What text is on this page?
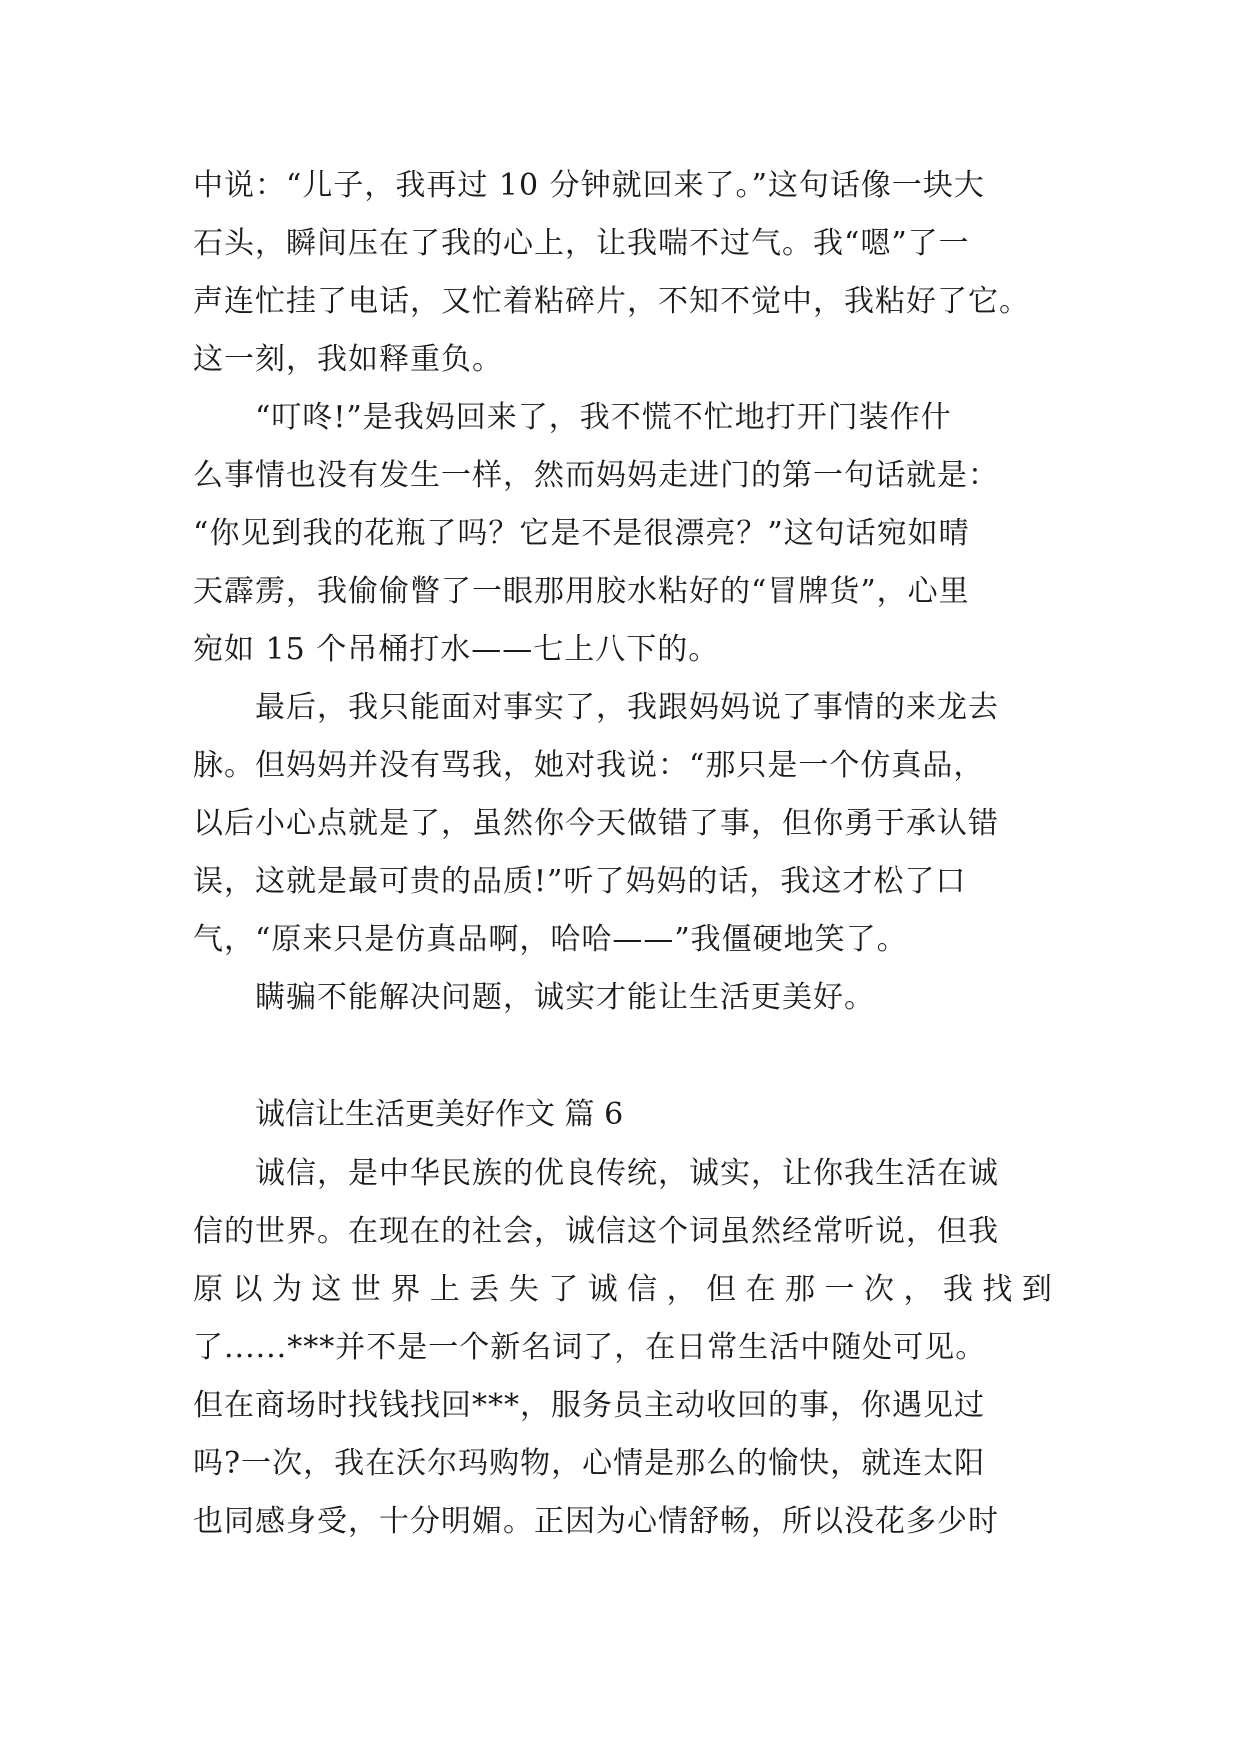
中说：“儿子，我再过 10 分钟就回来了。”这句话像一块大
石头，瞬间压在了我的心上，让我喘不过气。我“嗯”了一
声连忙挂了电话，又忙着粘碎片，不知不觉中，我粘好了它。
这一刻，我如释重负。
“叮咚!”是我妈回来了，我不慌不忙地打开门装作什
么事情也没有发生一样，然而妈妈走进门的第一句话就是：
“你见到我的花瓶了吗？它是不是很漂亮？”这句话宛如晴
天霹雳，我偷偷瞥了一眼那用胶水粘好的“冒牌货”，心里
宛如 15 个吊桶打水——七上八下的。
最后，我只能面对事实了，我跟妈妈说了事情的来龙去
脉。但妈妈并没有骂我，她对我说：“那只是一个仿真品，
以后小心点就是了，虽然你今天做错了事，但你勇于承认错
误，这就是最可贵的品质!”听了妈妈的话，我这才松了口
气，“原来只是仿真品啊，哈哈——”我僵硬地笑了。
瞒骗不能解决问题，诚实才能让生活更美好。
诚信让生活更美好作文 篇 6
诚信，是中华民族的优良传统，诚实，让你我生活在诚
信的世界。在现在的社会，诚信这个词虽然经常听说，但我
原 以 为 这 世 界 上 丢 失 了 诚 信 ， 但 在 那 一 次 ， 我 找 到
了......***并不是一个新名词了，在日常生活中随处可见。
但在商场时找钱找回***，服务员主动收回的事，你遇见过
吗?一次，我在沃尔玛购物，心情是那么的愉快，就连太阳
也同感身受，十分明媚。正因为心情舒畅，所以没花多少时
